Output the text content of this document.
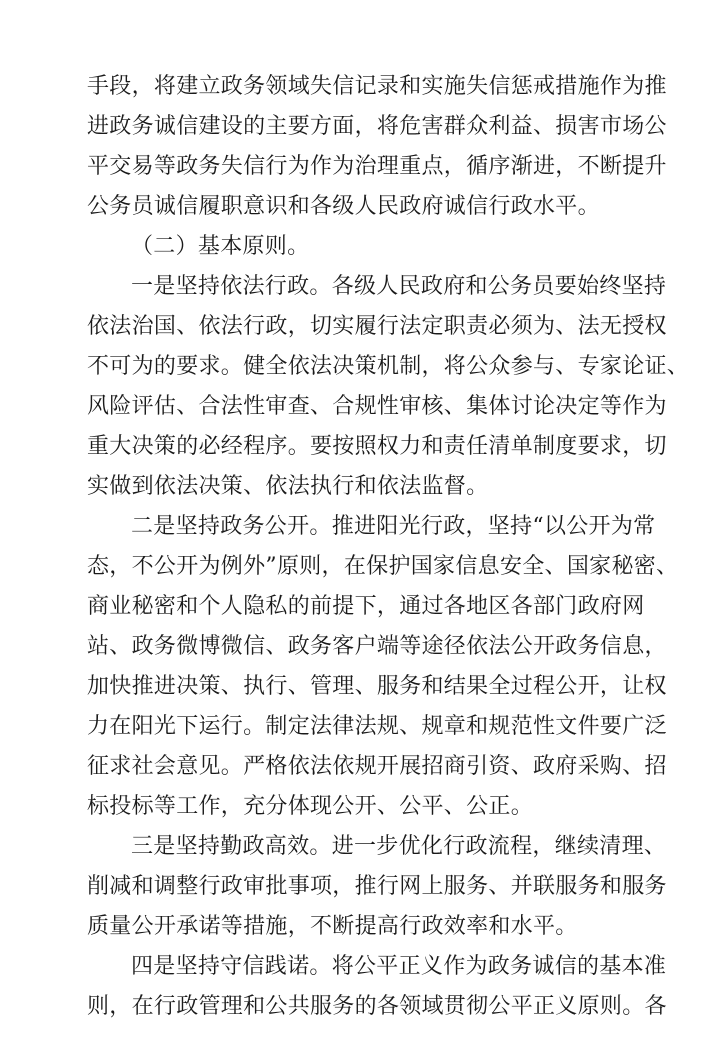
手段，将建立政务领域失信记录和实施失信惩戒措施作为推
进政务诚信建设的主要方面，将危害群众利益、损害市场公
平交易等政务失信行为作为治理重点，循序渐进，不断提升
公务员诚信履职意识和各级人民政府诚信行政水平。
（二）基本原则。
一是坚持依法行政。各级人民政府和公务员要始终坚持
依法治国、依法行政，切实履行法定职责必须为、法无授权
不可为的要求。健全依法决策机制，将公众参与、专家论证、
风险评估、合法性审查、合规性审核、集体讨论决定等作为
重大决策的必经程序。要按照权力和责任清单制度要求，切
实做到依法决策、依法执行和依法监督。
二是坚持政务公开。推进阳光行政，坚持“以公开为常
态，不公开为例外”原则，在保护国家信息安全、国家秘密、
商业秘密和个人隐私的前提下，通过各地区各部门政府网
站、政务微博微信、政务客户端等途径依法公开政务信息，
加快推进决策、执行、管理、服务和结果全过程公开，让权
力在阳光下运行。制定法律法规、规章和规范性文件要广泛
征求社会意见。严格依法依规开展招商引资、政府采购、招
标投标等工作，充分体现公开、公平、公正。
三是坚持勤政高效。进一步优化行政流程，继续清理、
削减和调整行政审批事项，推行网上服务、并联服务和服务
质量公开承诺等措施，不断提高行政效率和水平。
四是坚持守信践诺。将公平正义作为政务诚信的基本准
则，在行政管理和公共服务的各领域贯彻公平正义原则。各
